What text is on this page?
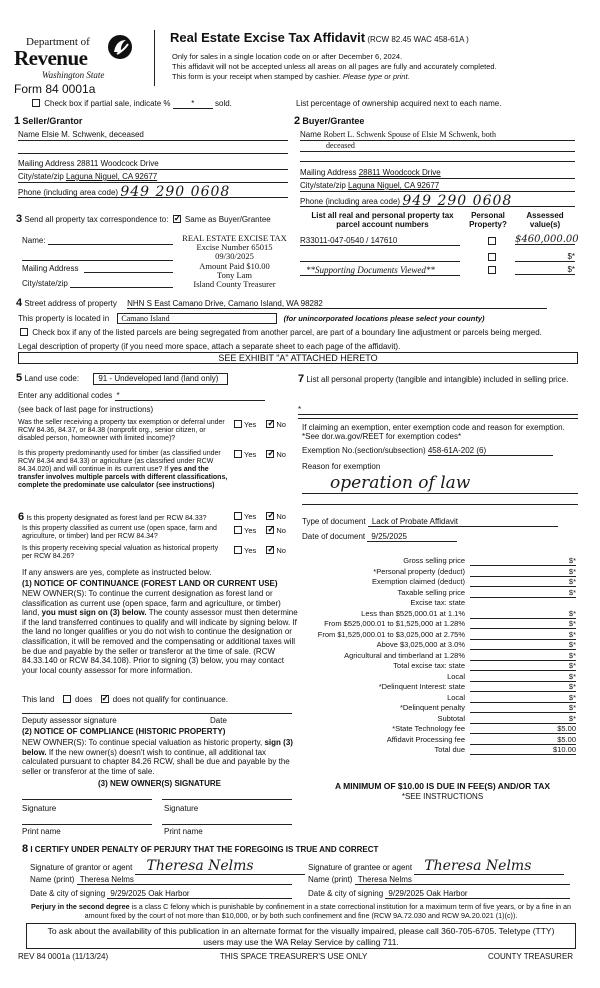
Department of
Revenue
Washington State
Form 84 0001a
Real Estate Excise Tax Affidavit (RCW 82.45 WAC 458-61A )
Only for sales in a single location code on or after December 6, 2024.
This affidavit will not be accepted unless all areas on all pages are fully and accurately completed.
This form is your receipt when stamped by cashier. Please type or print.
Check box if partial sale, indicate %	*	sold.	List percentage of ownership acquired next to each name.
1 Seller/Grantor
Name Elsie M. Schwenk, deceased
Mailing Address 28811 Woodcock Drive
City/state/zip Laguna Niguel, CA 92677
Phone (including area code) 949 290 0608
2 Buyer/Grantee
Name Robert L. Schwenk Spouse of Elsie M Schwenk, both
deceased
Mailing Address 28811 Woodcock Drive
City/state/zip Laguna Niguel, CA 92677
Phone (including area code) 949 290 0608
3 Send all property tax correspondence to: ✓ Same as Buyer/Grantee
Name:
Mailing Address
City/state/zip
REAL ESTATE EXCISE TAX
Excise Number 65015
09/30/2025
Amount Paid $10.00
Tony Lam
Island County Treasurer
List all real and personal property tax
parcel account numbers
Personal
Property?
Assessed
value(s)
R33011-047-0540 / 147610	$460,000.00
$*
**Supporting Documents Viewed**	$*
4 Street address of property NHN S East Camano Drive, Camano Island, WA 98282
This property is located in Camano Island	(for unincorporated locations please select your county)
Check box if any of the listed parcels are being segregated from another parcel, are part of a boundary line adjustment or parcels being merged.
Legal description of property (if you need more space, attach a separate sheet to each page of the affidavit).
SEE EXHIBIT "A" ATTACHED HERETO
5 Land use code: 91 - Undeveloped land (land only)
Enter any additional codes *
(see back of last page for instructions)
Was the seller receiving a property tax exemption or deferral under RCW 84.36, 84.37, or 84.38 (nonprofit org., senior citizen, or disabled person, homeowner with limited income)?
Yes ✓	No
Is this property predominantly used for timber (as classified under RCW 84.34 and 84.33) or agriculture (as classified under RCW 84.34.020) and will continue in its current use? If yes and the transfer involves multiple parcels with different classifications, complete the predominate use calculator (see instructions)
Yes ✓	No
6 Is this property designated as forest land per RCW 84.33?	Yes ✓	No
Is this property classified as current use (open space, farm and agriculture, or timber) land per RCW 84.34?
Yes ✓	No
Is this property receiving special valuation as historical property per RCW 84.26?
Yes ✓	No
If any answers are yes, complete as instructed below.
(1) NOTICE OF CONTINUANCE (FOREST LAND OR CURRENT USE)
NEW OWNER(S): To continue the current designation as forest land or classification as current use (open space, farm and agriculture, or timber) land, you must sign on (3) below. The county assessor must then determine if the land transferred continues to qualify and will indicate by signing below. If the land no longer qualifies or you do not wish to continue the designation or classification, it will be removed and the compensating or additional taxes will be due and payable by the seller or transferor at the time of sale. (RCW 84.33.140 or RCW 84.34.108). Prior to signing (3) below, you may contact your local county assessor for more information.
This land	does ✓	does not qualify for continuance.
Deputy assessor signature	Date
(2) NOTICE OF COMPLIANCE (HISTORIC PROPERTY)
NEW OWNER(S): To continue special valuation as historic property, sign (3) below. If the new owner(s) doesn't wish to continue, all additional tax calculated pursuant to chapter 84.26 RCW, shall be due and payable by the seller or transferor at the time of sale.
(3) NEW OWNER(S) SIGNATURE
Signature	Signature
Print name	Print name
7 List all personal property (tangible and intangible) included in selling price.
*
If claiming an exemption, enter exemption code and reason for exemption. *See dor.wa.gov/REET for exemption codes*
Exemption No.(section/subsection) 458-61A-202 (6)
Reason for exemption
operation of law
Type of document Lack of Probate Affidavit
Date of document 9/25/2025
Gross selling price	$*
*Personal property (deduct)	$*
Exemption claimed (deduct)	$*
Taxable selling price	$*
Excise tax: state
Less than $525,000.01 at 1.1%	$*
From $525,000.01 to $1,525,000 at 1.28%	$*
From $1,525,000.01 to $3,025,000 at 2.75%	$*
Above $3,025,000 at 3.0%	$*
Agricultural and timberland at 1.28%	$*
Total excise tax: state	$*
Local	$*
*Delinquent Interest: state	$*
Local	$*
*Delinquent penalty	$*
Subtotal	$*
*State Technology fee	$5.00
Affidavit Processing fee	$5.00
Total due	$10.00
A MINIMUM OF $10.00 IS DUE IN FEE(S) AND/OR TAX
*SEE INSTRUCTIONS
8 I CERTIFY UNDER PENALTY OF PERJURY THAT THE FOREGOING IS TRUE AND CORRECT
Signature of grantor or agent Theresa Nelms	Signature of grantee or agent Theresa Nelms
Name (print) Theresa Nelms	Name (print) Theresa Nelms
Date & city of signing 9/29/2025 Oak Harbor	Date & city of signing 9/29/2025 Oak Harbor
Perjury in the second degree is a class C felony which is punishable by confinement in a state correctional institution for a maximum term of five years, or by a fine in an amount fixed by the court of not more than $10,000, or by both such confinement and fine (RCW 9A.72.030 and RCW 9A.20.021 (1)(c)).
To ask about the availability of this publication in an alternate format for the visually impaired, please call 360-705-6705. Teletype (TTY) users may use the WA Relay Service by calling 711.
REV 84 0001a (11/13/24)	THIS SPACE TREASURER'S USE ONLY	COUNTY TREASURER
